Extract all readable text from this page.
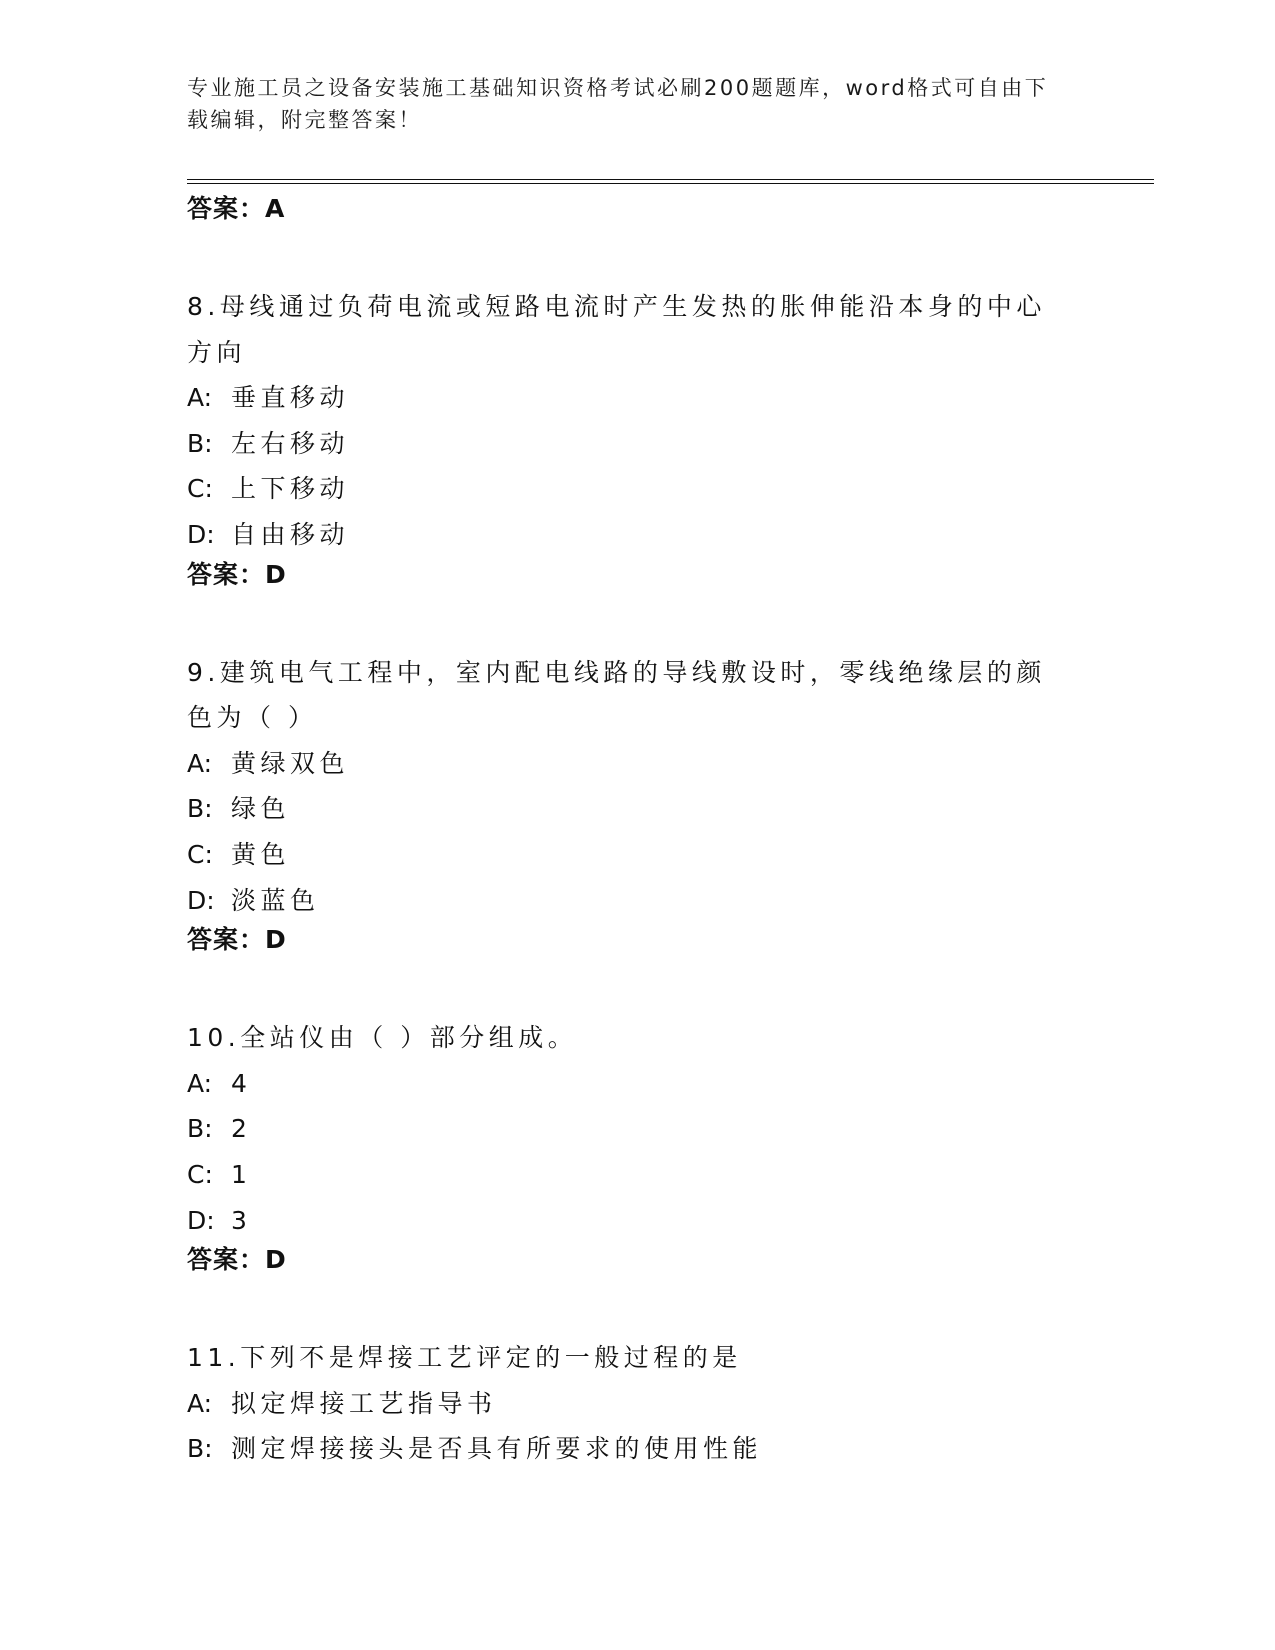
专业施工员之设备安装施工基础知识资格考试必刷200题题库，word格式可自由下载编辑，附完整答案！
答案：A
8.母线通过负荷电流或短路电流时产生发热的胀伸能沿本身的中心方向
A: 垂直移动
B: 左右移动
C: 上下移动
D: 自由移动
答案：D
9.建筑电气工程中，室内配电线路的导线敷设时，零线绝缘层的颜色为（ ）
A: 黄绿双色
B: 绿色
C: 黄色
D: 淡蓝色
答案：D
10.全站仪由（ ）部分组成。
A: 4
B: 2
C: 1
D: 3
答案：D
11.下列不是焊接工艺评定的一般过程的是
A: 拟定焊接工艺指导书
B: 测定焊接接头是否具有所要求的使用性能
